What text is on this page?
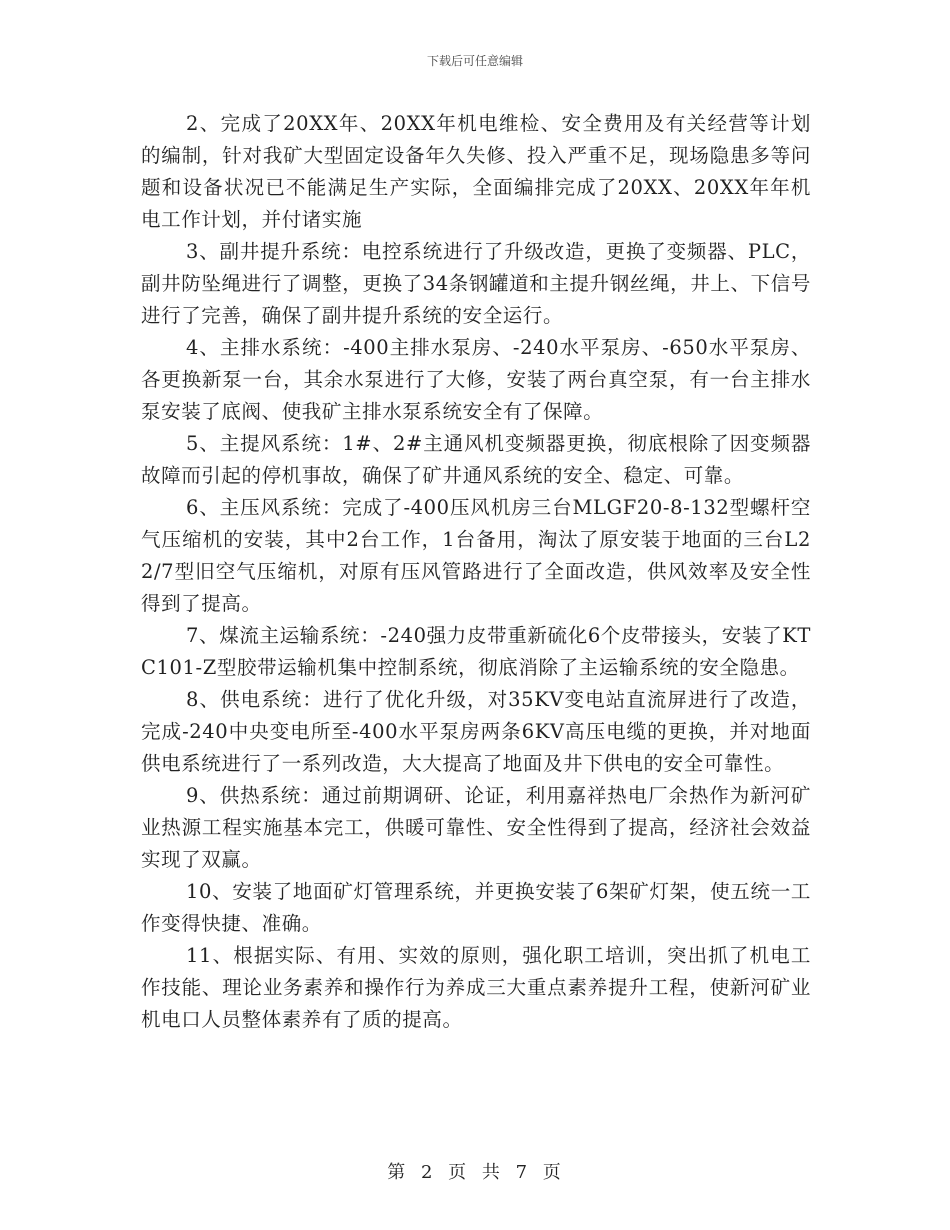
下载后可任意编辑

2、完成了20XX年、20XX年机电维检、安全费用及有关经营等计划的编制，针对我矿大型固定设备年久失修、投入严重不足，现场隐患多等问题和设备状况已不能满足生产实际，全面编排完成了20XX、20XX年年机电工作计划，并付诸实施

3、副井提升系统：电控系统进行了升级改造，更换了变频器、PLC，副井防坠绳进行了调整，更换了34条钢罐道和主提升钢丝绳，井上、下信号进行了完善，确保了副井提升系统的安全运行。

4、主排水系统：-400主排水泵房、-240水平泵房、-650水平泵房、各更换新泵一台，其余水泵进行了大修，安装了两台真空泵，有一台主排水泵安装了底阀、使我矿主排水泵系统安全有了保障。

5、主提风系统：1#、2#主通风机变频器更换，彻底根除了因变频器故障而引起的停机事故，确保了矿井通风系统的安全、稳定、可靠。

6、主压风系统：完成了-400压风机房三台MLGF20-8-132型螺杆空气压缩机的安装，其中2台工作，1台备用，淘汰了原安装于地面的三台L22/7型旧空气压缩机，对原有压风管路进行了全面改造，供风效率及安全性得到了提高。

7、煤流主运输系统：-240强力皮带重新硫化6个皮带接头，安装了KTC101-Z型胶带运输机集中控制系统，彻底消除了主运输系统的安全隐患。

8、供电系统：进行了优化升级，对35KV变电站直流屏进行了改造，完成-240中央变电所至-400水平泵房两条6KV高压电缆的更换，并对地面供电系统进行了一系列改造，大大提高了地面及井下供电的安全可靠性。

9、供热系统：通过前期调研、论证，利用嘉祥热电厂余热作为新河矿业热源工程实施基本完工，供暖可靠性、安全性得到了提高，经济社会效益实现了双赢。

10、安装了地面矿灯管理系统，并更换安装了6架矿灯架，使五统一工作变得快捷、准确。

11、根据实际、有用、实效的原则，强化职工培训，突出抓了机电工作技能、理论业务素养和操作行为养成三大重点素养提升工程，使新河矿业机电口人员整体素养有了质的提高。

第 2 页 共 7 页
